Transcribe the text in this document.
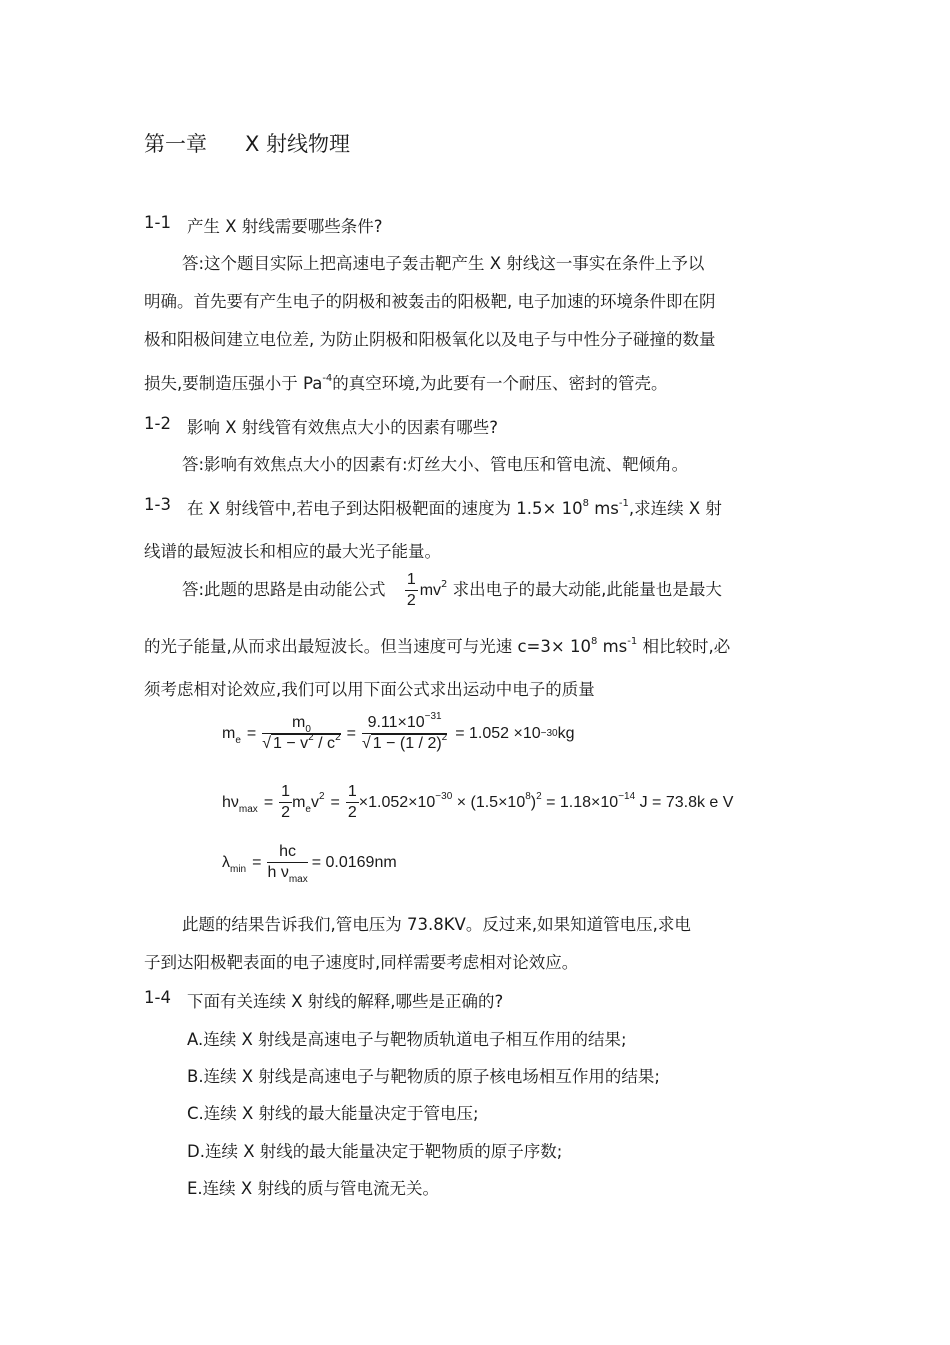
第一章 X 射线物理
1-1 产生 X 射线需要哪些条件?
答:这个题目实际上把高速电子轰击靶产生 X 射线这一事实在条件上予以
明确。首先要有产生电子的阴极和被轰击的阳极靶, 电子加速的环境条件即在阴
极和阳极间建立电位差, 为防止阴极和阳极氧化以及电子与中性分子碰撞的数量
损失,要制造压强小于 $Pa^{-4}$的真空环境,为此要有一个耐压、密封的管壳。
1-2 影响 X 射线管有效焦点大小的因素有哪些?
答:影响有效焦点大小的因素有:灯丝大小、管电压和管电流、靶倾角。
1-3 在 X 射线管中,若电子到达阳极靶面的速度为 $1.5\times 10^8$ $ms^{-1}$,求连续 X 射
线谱的最短波长和相应的最大光子能量。
答:此题的思路是由动能公式 $\frac{1}{2} mv^2$ 求出电子的最大动能,此能量也是最大
的光子能量,从而求出最短波长。但当速度可与光速 $c=3\times 10^8$ $ms^{-1}$ 相比较时,必
须考虑相对论效应,我们可以用下面公式求出运动中电子的质量
$m_e = \frac{m_0}{√ 1 - v^2 / c^2} = \frac{9.11\times 10^{-31}}{√ 1 - (1 / 2)^2} = 1.052 \times 10 -30$ kg
$h\nu_{max} = \frac{1}{2} m_ev^2 = \frac{1}{2} \times 1.052\times 10^{-30} \times (1.5\times 10^8)^2 = 1.18\times 10^{-14}$ J = 73.8k e V
$\lambda_{min} = \frac{hc}{h \nu_{max}} = 0.0169nm$
此题的结果告诉我们,管电压为 73.8KV。反过来,如果知道管电压,求电
子到达阳极靶表面的电子速度时,同样需要考虑相对论效应。
1-4 下面有关连续 X 射线的解释,哪些是正确的?
A.连续 X 射线是高速电子与靶物质轨道电子相互作用的结果;
B.连续 X 射线是高速电子与靶物质的原子核电场相互作用的结果;
C.连续 X 射线的最大能量决定于管电压;
D.连续 X 射线的最大能量决定于靶物质的原子序数;
E.连续 X 射线的质与管电流无关。
